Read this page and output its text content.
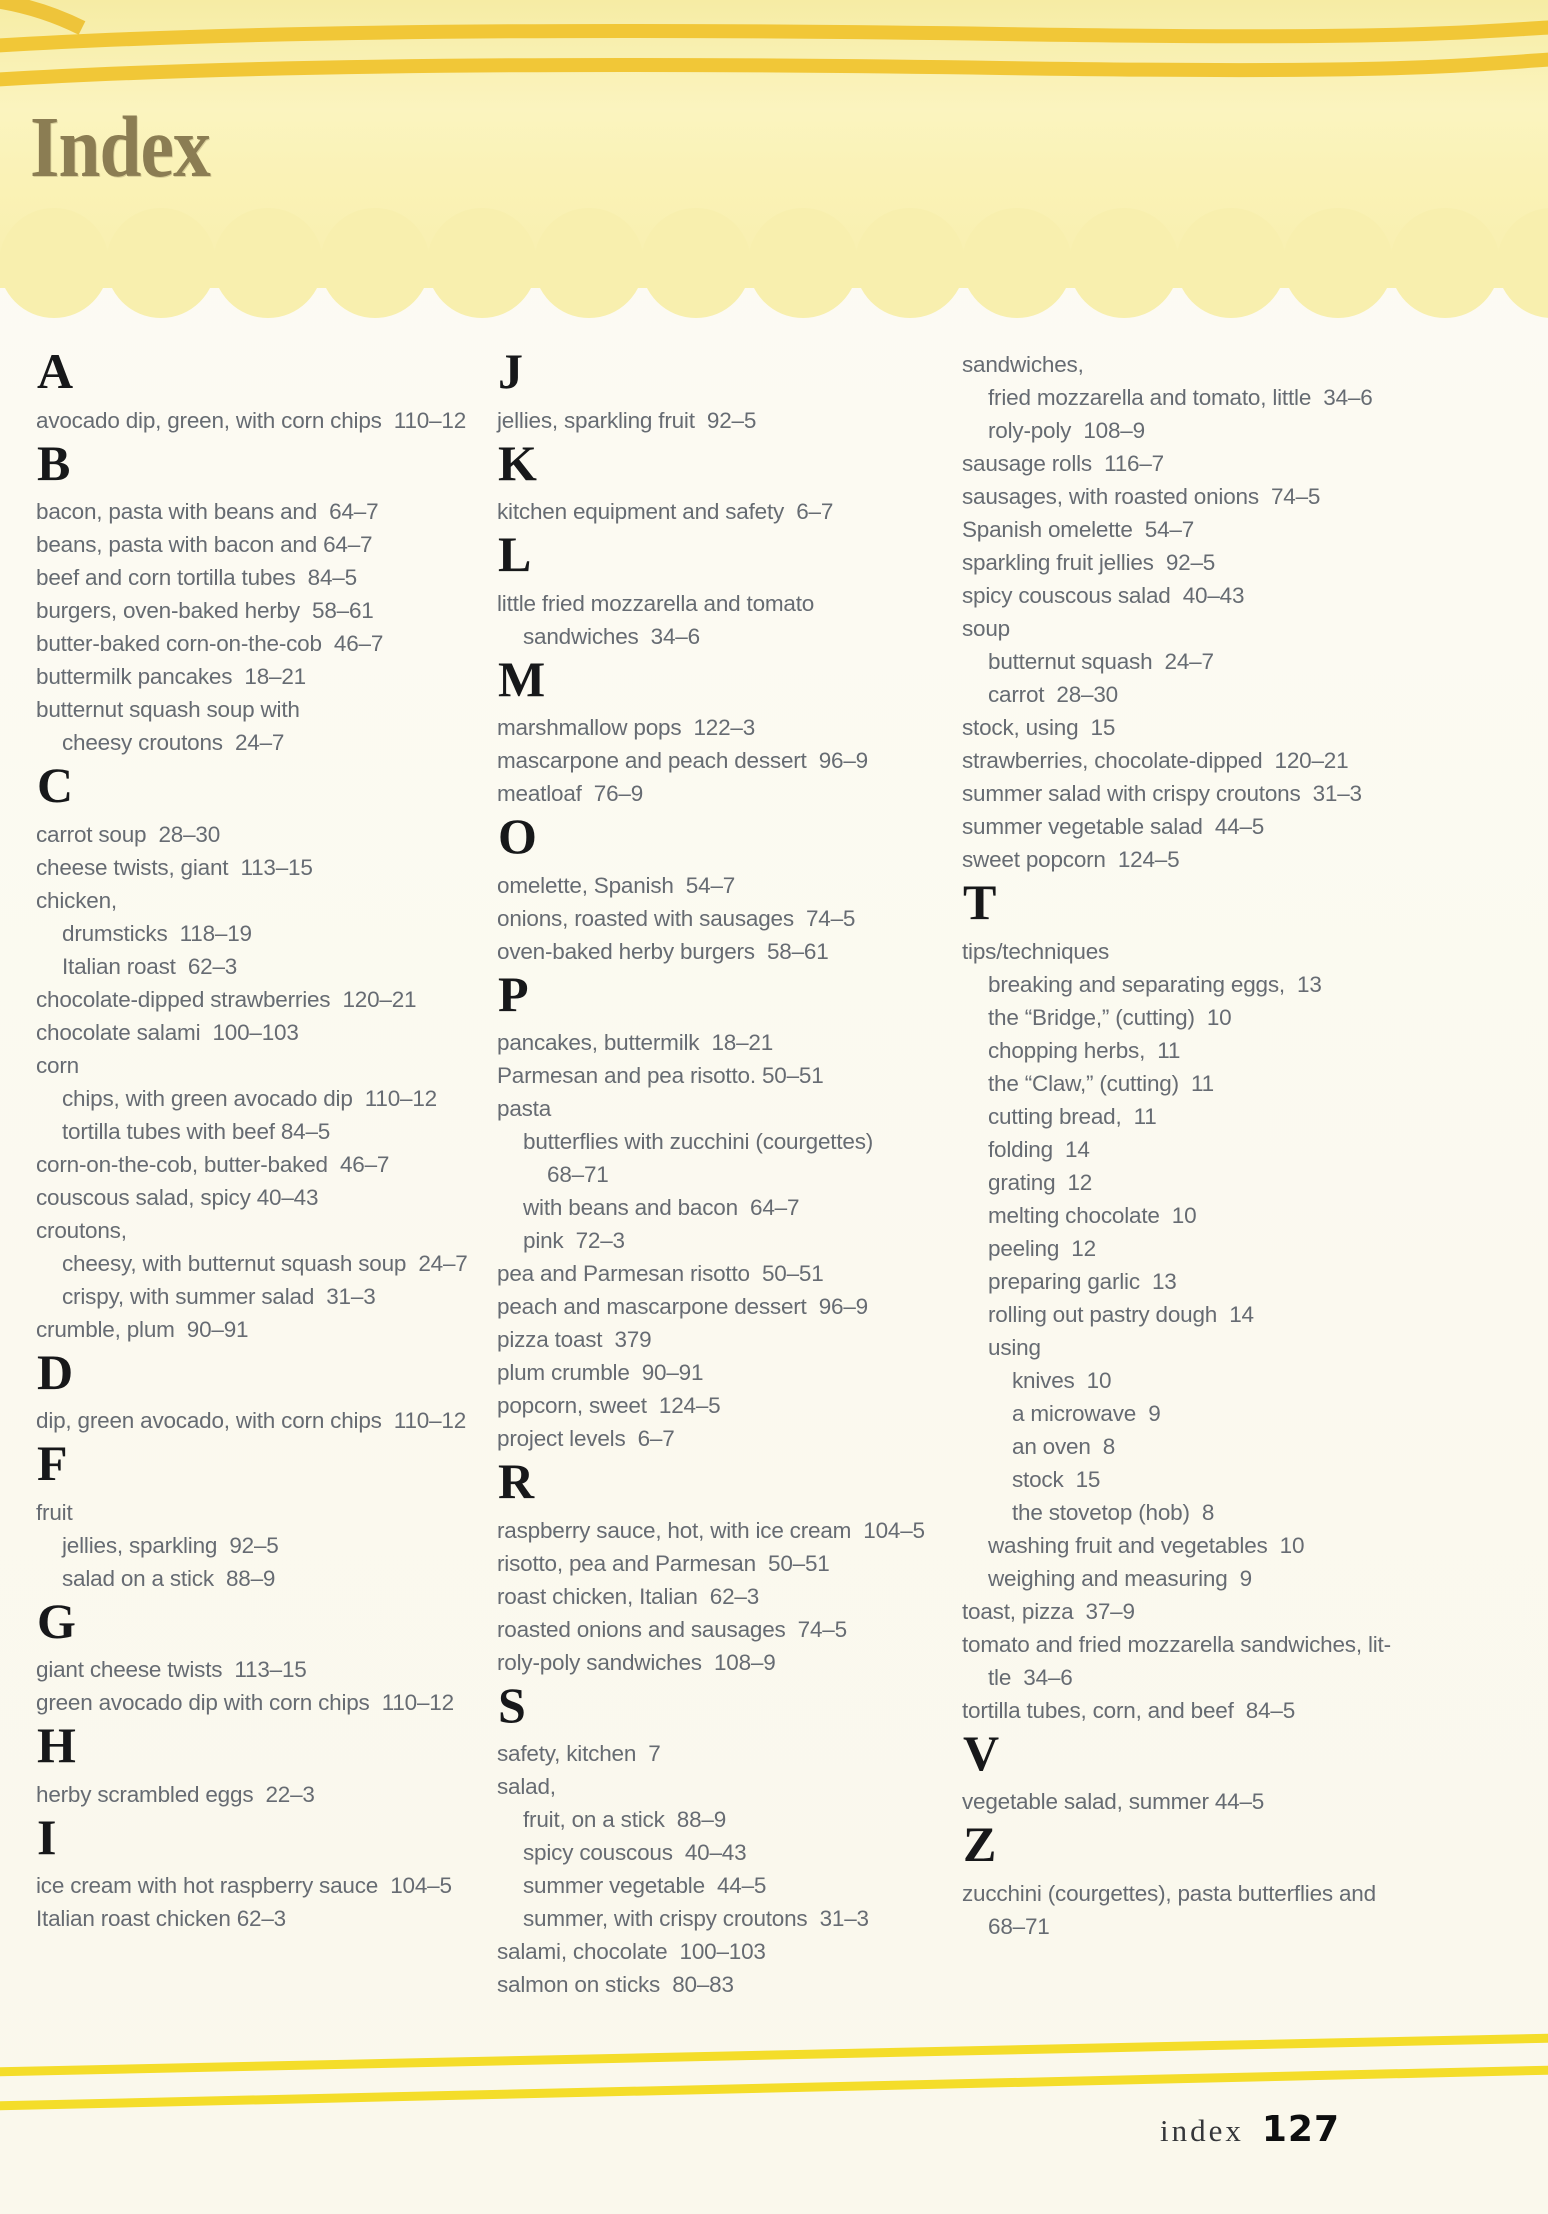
Index
A
avocado dip, green, with corn chips  110–12
B
bacon, pasta with beans and  64–7
beans, pasta with bacon and 64–7
beef and corn tortilla tubes  84–5
burgers, oven-baked herby  58–61
butter-baked corn-on-the-cob  46–7
buttermilk pancakes  18–21
butternut squash soup with
cheesy croutons  24–7
C
carrot soup  28–30
cheese twists, giant  113–15
chicken,
drumsticks  118–19
Italian roast  62–3
chocolate-dipped strawberries  120–21
chocolate salami  100–103
corn
chips, with green avocado dip  110–12
tortilla tubes with beef 84–5
corn-on-the-cob, butter-baked  46–7
couscous salad, spicy 40–43
croutons,
cheesy, with butternut squash soup  24–7
crispy, with summer salad  31–3
crumble, plum  90–91
D
dip, green avocado, with corn chips  110–12
F
fruit
jellies, sparkling  92–5
salad on a stick  88–9
G
giant cheese twists  113–15
green avocado dip with corn chips  110–12
H
herby scrambled eggs  22–3
I
ice cream with hot raspberry sauce  104–5
Italian roast chicken 62–3
J
jellies, sparkling fruit  92–5
K
kitchen equipment and safety  6–7
L
little fried mozzarella and tomato
sandwiches  34–6
M
marshmallow pops  122–3
mascarpone and peach dessert  96–9
meatloaf  76–9
O
omelette, Spanish  54–7
onions, roasted with sausages  74–5
oven-baked herby burgers  58–61
P
pancakes, buttermilk  18–21
Parmesan and pea risotto. 50–51
pasta
butterflies with zucchini (courgettes)
68–71
with beans and bacon  64–7
pink  72–3
pea and Parmesan risotto  50–51
peach and mascarpone dessert  96–9
pizza toast  379
plum crumble  90–91
popcorn, sweet  124–5
project levels  6–7
R
raspberry sauce, hot, with ice cream  104–5
risotto, pea and Parmesan  50–51
roast chicken, Italian  62–3
roasted onions and sausages  74–5
roly-poly sandwiches  108–9
S
safety, kitchen  7
salad,
fruit, on a stick  88–9
spicy couscous  40–43
summer vegetable  44–5
summer, with crispy croutons  31–3
salami, chocolate  100–103
salmon on sticks  80–83
sandwiches,
fried mozzarella and tomato, little  34–6
roly-poly  108–9
sausage rolls  116–7
sausages, with roasted onions  74–5
Spanish omelette  54–7
sparkling fruit jellies  92–5
spicy couscous salad  40–43
soup
butternut squash  24–7
carrot  28–30
stock, using  15
strawberries, chocolate-dipped  120–21
summer salad with crispy croutons  31–3
summer vegetable salad  44–5
sweet popcorn  124–5
T
tips/techniques
breaking and separating eggs,  13
the “Bridge,” (cutting)  10
chopping herbs,  11
the “Claw,” (cutting)  11
cutting bread,  11
folding  14
grating  12
melting chocolate  10
peeling  12
preparing garlic  13
rolling out pastry dough  14
using
knives  10
a microwave  9
an oven  8
stock  15
the stovetop (hob)  8
washing fruit and vegetables  10
weighing and measuring  9
toast, pizza  37–9
tomato and fried mozzarella sandwiches, lit-
tle  34–6
tortilla tubes, corn, and beef  84–5
V
vegetable salad, summer 44–5
Z
zucchini (courgettes), pasta butterflies and
68–71
index 127
